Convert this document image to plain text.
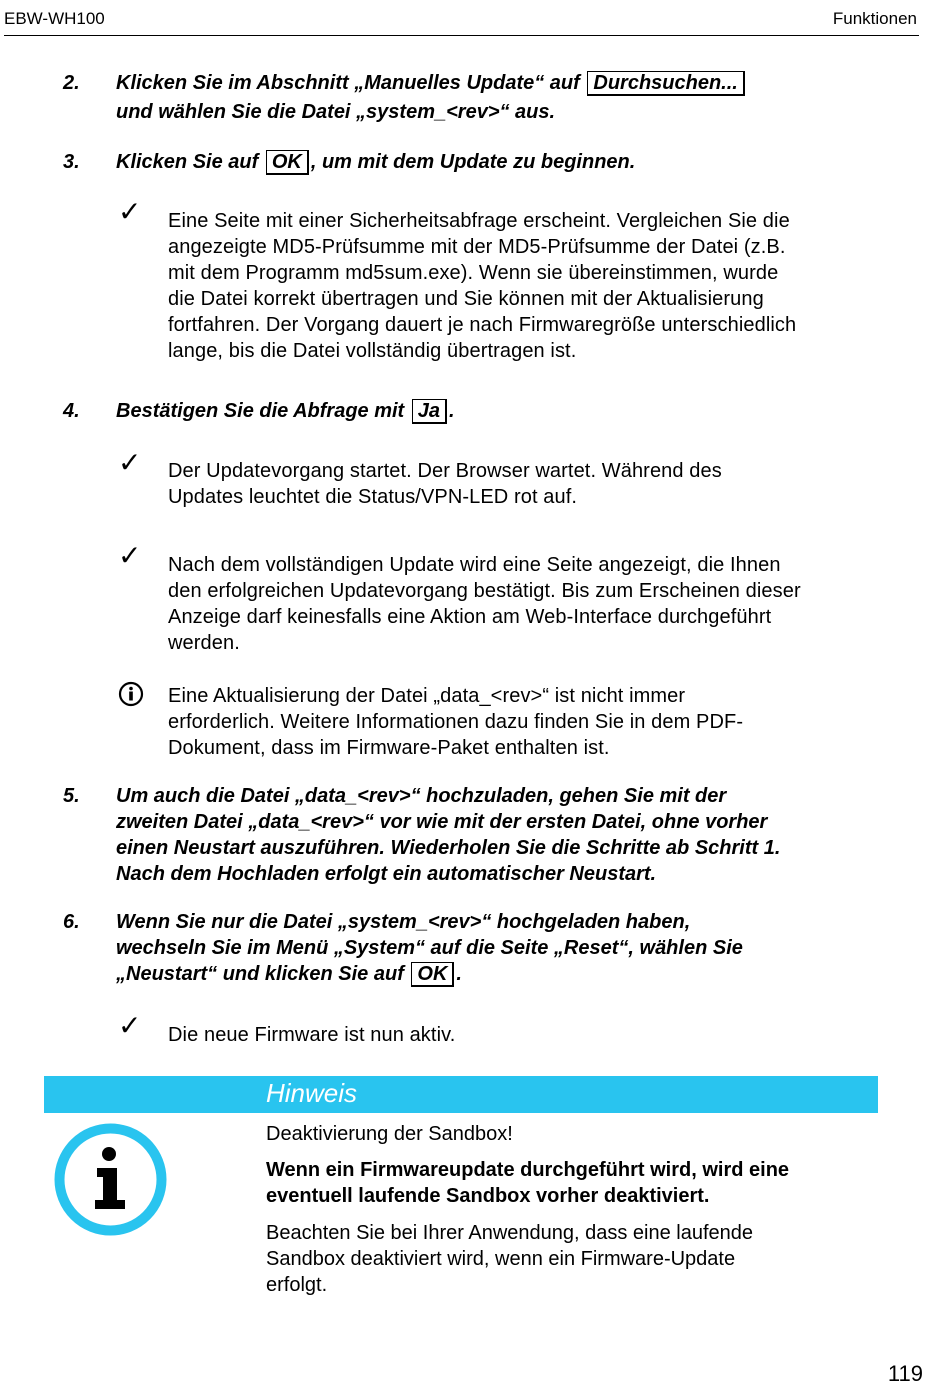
EBW-WH100	Funktionen
2. Klicken Sie im Abschnitt „Manuelles Update“ auf Durchsuchen...
und wählen Sie die Datei „system_<rev>“ aus.
3. Klicken Sie auf OK , um mit dem Update zu beginnen.
✓ Eine Seite mit einer Sicherheitsabfrage erscheint. Vergleichen Sie die
angezeigte MD5-Prüfsumme mit der MD5-Prüfsumme der Datei (z.B.
mit dem Programm md5sum.exe). Wenn sie übereinstimmen, wurde
die Datei korrekt übertragen und Sie können mit der Aktualisierung
fortfahren. Der Vorgang dauert je nach Firmwaregröße unterschiedlich
lange, bis die Datei vollständig übertragen ist.
4. Bestätigen Sie die Abfrage mit Ja .
✓ Der Updatevorgang startet. Der Browser wartet. Während des
Updates leuchtet die Status/VPN-LED rot auf.
✓ Nach dem vollständigen Update wird eine Seite angezeigt, die Ihnen
den erfolgreichen Updatevorgang bestätigt. Bis zum Erscheinen dieser
Anzeige darf keinesfalls eine Aktion am Web-Interface durchgeführt
werden.
Eine Aktualisierung der Datei „data_<rev>“ ist nicht immer
erforderlich. Weitere Informationen dazu finden Sie in dem PDF-
Dokument, dass im Firmware-Paket enthalten ist.
5. Um auch die Datei „data_<rev>“ hochzuladen, gehen Sie mit der
zweiten Datei „data_<rev>“ vor wie mit der ersten Datei, ohne vorher
einen Neustart auszuführen. Wiederholen Sie die Schritte ab Schritt 1.
Nach dem Hochladen erfolgt ein automatischer Neustart.
6. Wenn Sie nur die Datei „system_<rev>“ hochgeladen haben,
wechseln Sie im Menü „System“ auf die Seite „Reset“, wählen Sie
„Neustart“ und klicken Sie auf OK .
✓ Die neue Firmware ist nun aktiv.
Hinweis
Deaktivierung der Sandbox!
Wenn ein Firmwareupdate durchgeführt wird, wird eine
eventuell laufende Sandbox vorher deaktiviert.
Beachten Sie bei Ihrer Anwendung, dass eine laufende
Sandbox deaktiviert wird, wenn ein Firmware-Update
erfolgt.
119
